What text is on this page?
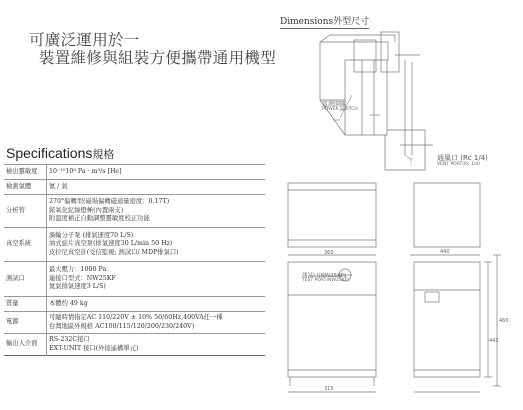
可廣泛運用於一
裝置維修與組裝方便攜帶通用機型
Specifications規格
檢出靈敏度	10⁻¹⁰10⁸ Pa · m³/s [He]

檢測氣體	氦 / 氣

分析管	270°偏轉型(磁場偏轉磁通量密度：0.17T)
銥氧化釔絲燈極(內置兩支)
附溫度補正自動調整靈敏度校正功能

真空系統	渦輪分子泵 (排氣速度70 L/S)
油式旋片真空泵(排氣速度30 L/min 50 Hz)
皮拉尼真空計(受信監視; 測試口/ MDP排氣口)

測試口	最大壓力：1000 Pa
連接口型式：NW25KF
氦氣排氣速度3 L/S)

質量	本體約 49 kg

電源	可隨時情指定AC 110/220V ± 10% 50/60Hz,400VA任一種
台灣地區外規格 AC100/115/120/200/230/240V)

輸出入介面	RS-232C接口
EXT-UNIT 接口(外接遙構單元)
Dimensions外型尺寸
電源開關
POWER SWITCH
通風口 (Rc 1/4)
VENT PORT(Rc 1/4)
測試口(NW25KF)
TEST PORT(NW25KF)
360
315
440
460
442
